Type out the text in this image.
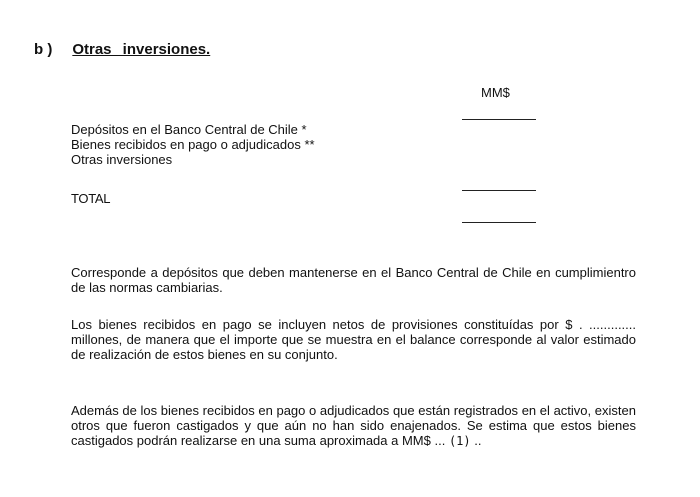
b ) Otras inversiones.
MM$
Depósitos en el Banco Central de Chile *
Bienes recibidos en pago o adjudicados **
Otras inversiones
TOTAL

Corresponde a depósitos que deben mantenerse en el Banco Central de Chile en cumplimientro de las normas cambiarias.

Los bienes recibidos en pago se incluyen netos de provisiones constituídas por $ . ............. millones, de manera que el importe que se muestra en el balance corresponde al valor estimado de realización de estos bienes en su conjunto.

Además de los bienes recibidos en pago o adjudicados que están registrados en el activo, existen otros que fueron castigados y que aún no han sido enajenados. Se estima que estos bienes castigados podrán realizarse en una suma aproximada a MM$ ... (1) ..
